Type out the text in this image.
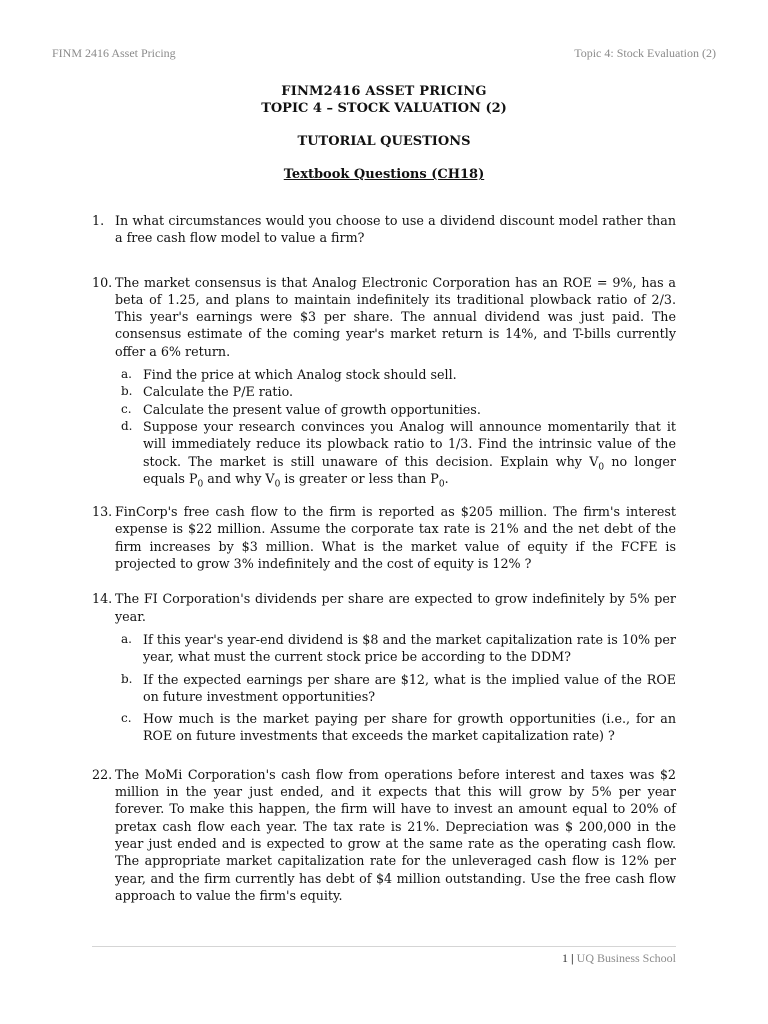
FINM 2416 Asset Pricing	Topic 4: Stock Evaluation (2)
FINM2416 ASSET PRICING
TOPIC 4 – STOCK VALUATION (2)
TUTORIAL QUESTIONS
Textbook Questions (CH18)
1. In what circumstances would you choose to use a dividend discount model rather than a free cash flow model to value a firm?
10. The market consensus is that Analog Electronic Corporation has an ROE = 9%, has a beta of 1.25, and plans to maintain indefinitely its traditional plowback ratio of 2/3. This year's earnings were $3 per share. The annual dividend was just paid. The consensus estimate of the coming year's market return is 14%, and T-bills currently offer a 6% return.
a. Find the price at which Analog stock should sell.
b. Calculate the P/E ratio.
c. Calculate the present value of growth opportunities.
d. Suppose your research convinces you Analog will announce momentarily that it will immediately reduce its plowback ratio to 1/3. Find the intrinsic value of the stock. The market is still unaware of this decision. Explain why $V_0$ no longer equals $P_0$ and why $V_0$ is greater or less than $P_0$.
13. FinCorp's free cash flow to the firm is reported as $205 million. The firm's interest expense is $22 million. Assume the corporate tax rate is 21% and the net debt of the firm increases by $3 million. What is the market value of equity if the FCFE is projected to grow 3% indefinitely and the cost of equity is 12% ?
14. The FI Corporation's dividends per share are expected to grow indefinitely by 5% per year.
a. If this year's year-end dividend is $8 and the market capitalization rate is 10% per year, what must the current stock price be according to the DDM?
b. If the expected earnings per share are $12, what is the implied value of the ROE on future investment opportunities?
c. How much is the market paying per share for growth opportunities (i.e., for an ROE on future investments that exceeds the market capitalization rate) ?
22. The MoMi Corporation's cash flow from operations before interest and taxes was $2 million in the year just ended, and it expects that this will grow by 5% per year forever. To make this happen, the firm will have to invest an amount equal to 20% of pretax cash flow each year. The tax rate is 21%. Depreciation was $ 200,000 in the year just ended and is expected to grow at the same rate as the operating cash flow. The appropriate market capitalization rate for the unleveraged cash flow is 12% per year, and the firm currently has debt of $4 million outstanding. Use the free cash flow approach to value the firm's equity.
1 | UQ Business School
